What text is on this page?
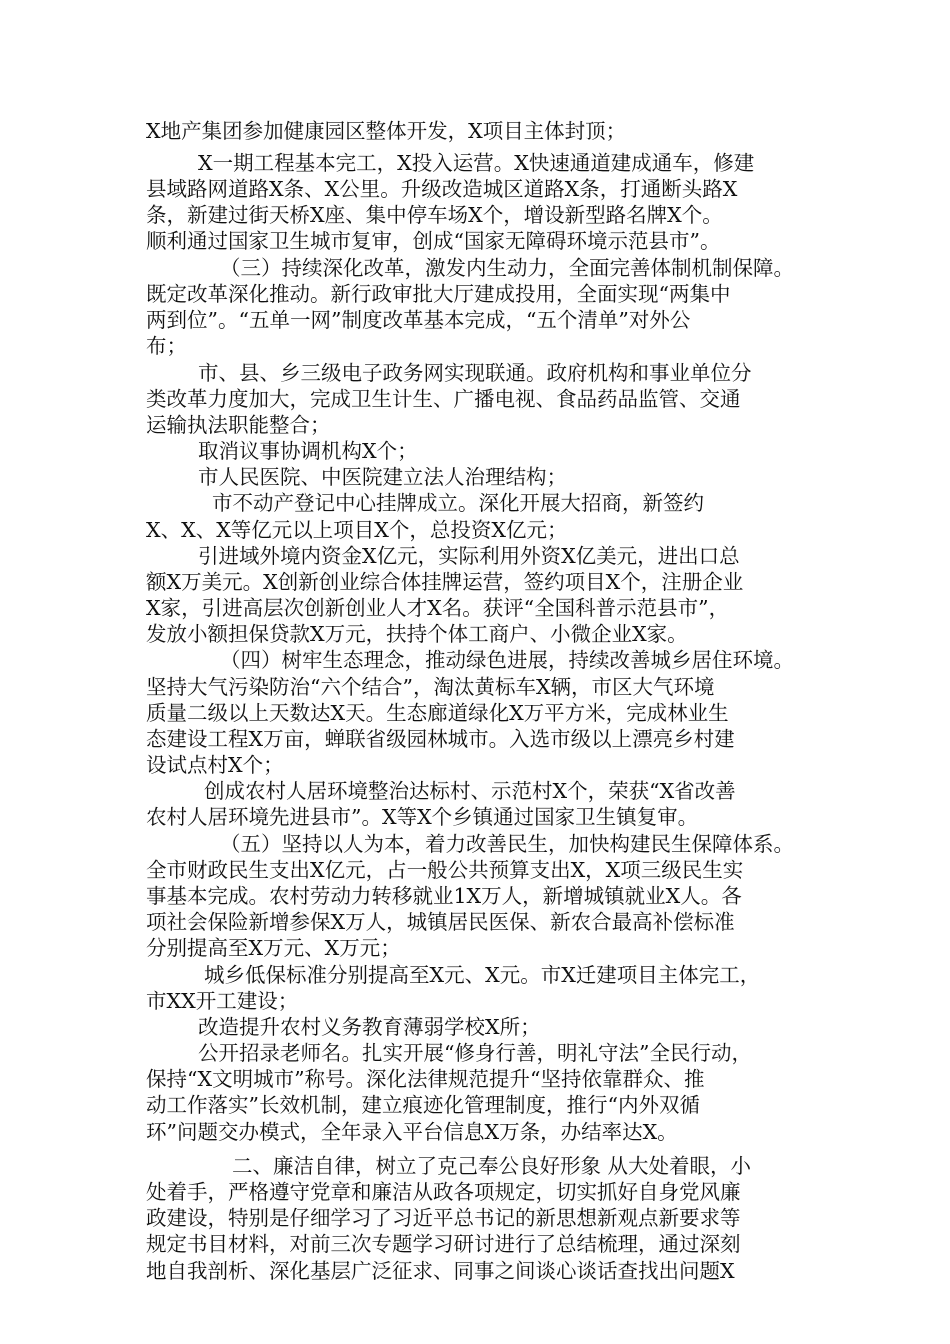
X地产集团参加健康园区整体开发，X项目主体封顶；
X一期工程基本完工，X投入运营。X快速通道建成通车，修建
县域路网道路X条、X公里。升级改造城区道路X条，打通断头路X
条，新建过街天桥X座、集中停车场X个，增设新型路名牌X个。
顺利通过国家卫生城市复审，创成“国家无障碍环境示范县市”。
（三）持续深化改革，激发内生动力，全面完善体制机制保障。
既定改革深化推动。新行政审批大厅建成投用，全面实现“两集中
两到位”。“五单一网”制度改革基本完成，“五个清单”对外公
布；
市、县、乡三级电子政务网实现联通。政府机构和事业单位分
类改革力度加大，完成卫生计生、广播电视、食品药品监管、交通
运输执法职能整合；
取消议事协调机构X个；
市人民医院、中医院建立法人治理结构；
市不动产登记中心挂牌成立。深化开展大招商，新签约
X、X、X等亿元以上项目X个，总投资X亿元；
引进域外境内资金X亿元，实际利用外资X亿美元，进出口总
额X万美元。X创新创业综合体挂牌运营，签约项目X个，注册企业
X家，引进高层次创新创业人才X名。获评“全国科普示范县市”，
发放小额担保贷款X万元，扶持个体工商户、小微企业X家。
（四）树牢生态理念，推动绿色进展，持续改善城乡居住环境。
坚持大气污染防治“六个结合”，淘汰黄标车X辆，市区大气环境
质量二级以上天数达X天。生态廊道绿化X万平方米，完成林业生
态建设工程X万亩，蝉联省级园林城市。入选市级以上漂亮乡村建
设试点村X个；
创成农村人居环境整治达标村、示范村X个，荣获“X省改善
农村人居环境先进县市”。X等X个乡镇通过国家卫生镇复审。
（五）坚持以人为本，着力改善民生，加快构建民生保障体系。
全市财政民生支出X亿元，占一般公共预算支出X，X项三级民生实
事基本完成。农村劳动力转移就业1X万人，新增城镇就业X人。各
项社会保险新增参保X万人，城镇居民医保、新农合最高补偿标准
分别提高至X万元、X万元；
城乡低保标准分别提高至X元、X元。市X迁建项目主体完工，
市XX开工建设；
改造提升农村义务教育薄弱学校X所；
公开招录老师名。扎实开展“修身行善，明礼守法”全民行动，
保持“X文明城市”称号。深化法律规范提升“坚持依靠群众、推
动工作落实”长效机制，建立痕迹化管理制度，推行“内外双循
环”问题交办模式，全年录入平台信息X万条，办结率达X。
二、廉洁自律，树立了克己奉公良好形象 从大处着眼，小
处着手，严格遵守党章和廉洁从政各项规定，切实抓好自身党风廉
政建设，特别是仔细学习了习近平总书记的新思想新观点新要求等
规定书目材料，对前三次专题学习研讨进行了总结梳理，通过深刻
地自我剖析、深化基层广泛征求、同事之间谈心谈话查找出问题X
